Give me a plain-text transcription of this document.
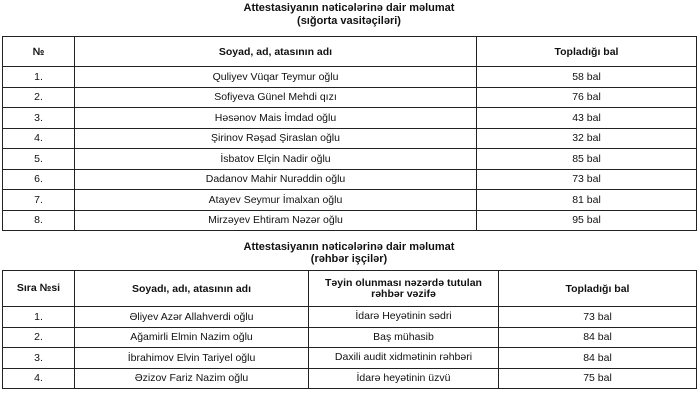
Attestasiyanın nəticələrinə dair məlumat
(sığorta vasitəçiləri)
№	Soyad, ad, atasının adı	Topladığı bal
1.	Quliyev Vüqar Teymur oğlu	58 bal
2.	Sofiyeva Günel Mehdi qızı	76 bal
3.	Həsənov Mais İmdad oğlu	43 bal
4.	Şirinov Rəşad Şiraslan oğlu	32 bal
5.	İsbatov Elçin Nadir oğlu	85 bal
6.	Dadanov Mahir Nurəddin oğlu	73 bal
7.	Atayev Seymur İmalxan oğlu	81 bal
8.	Mirzəyev Ehtiram Nəzər oğlu	95 bal
Attestasiyanın nəticələrinə dair məlumat
(rəhbər işçilər)
Sıra №si	Soyadı, adı, atasının adı	Təyin olunması nəzərdə tutulan rəhbər vəzifə	Topladığı bal
1.	Əliyev Azər Allahverdi oğlu	İdarə Heyətinin sədri	73 bal
2.	Ağamirli Elmin Nazim oğlu	Baş mühasib	84 bal
3.	İbrahimov Elvin Tariyel oğlu	Daxili audit xidmətinin rəhbəri	84 bal
4.	Əzizov Fariz Nazim oğlu	İdarə heyətinin üzvü	75 bal
